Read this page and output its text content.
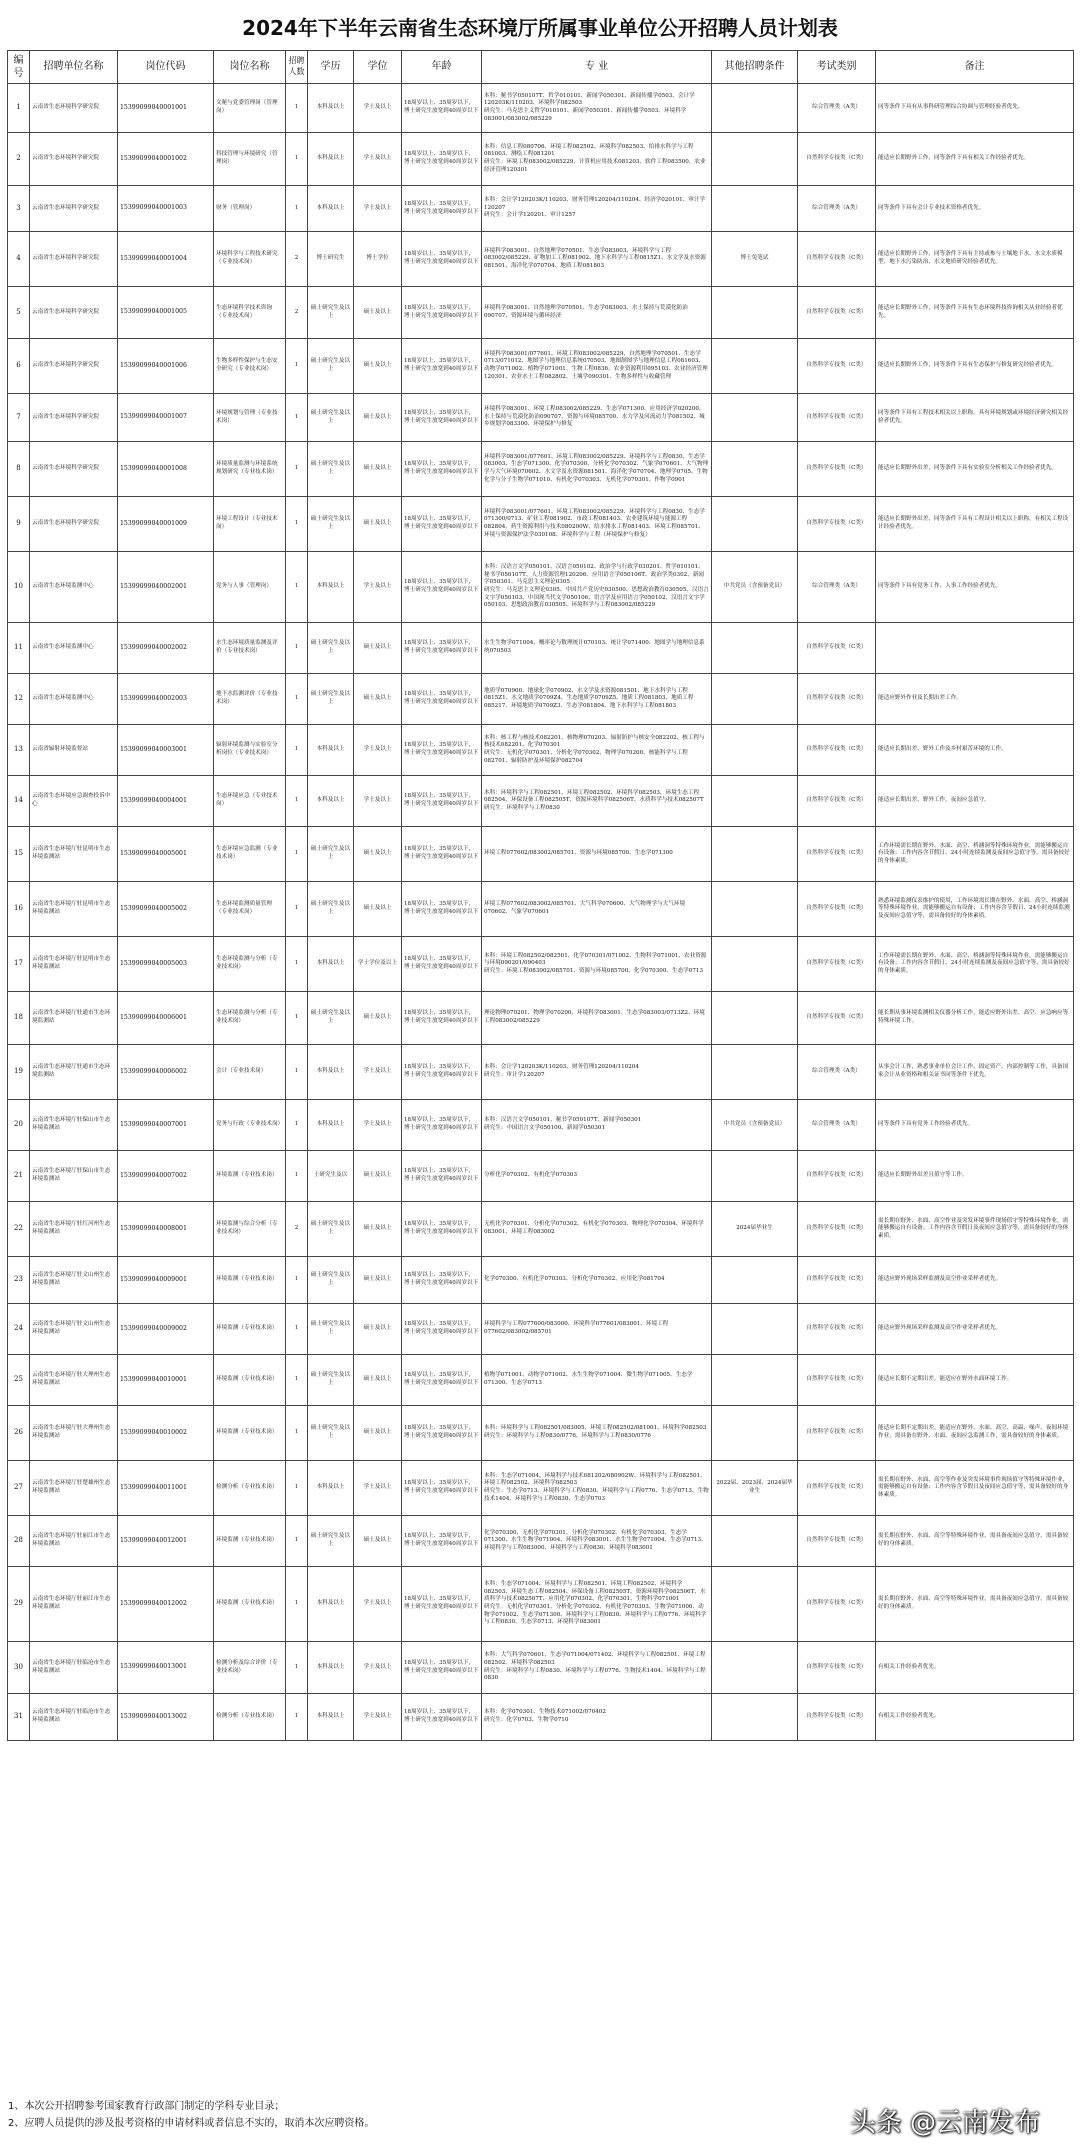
2024年下半年云南省生态环境厅所属事业单位公开招聘人员计划表
编号	招聘单位名称	岗位代码	岗位名称	招聘人数	学历	学位	年龄	专 业	其他招聘条件	考试类别	备注
1	云南省生态环境科学研究院	15399099040001001	文秘与党委管理岗（管理岗）	1	本科及以上	学士及以上	18周岁以上、35周岁以下，博士研究生放宽到40周岁以下	本科：秘书学050107T、哲学010101、新闻学050301、新闻传播学0503、会计学120203K/110203、环境科学082503
研究生：马克思主义哲学010101、新闻学050301、新闻传播学0503、环境科学083001/083002/085229		综合管理类（A类）	同等条件下具有从事科研管理综合协调与管理经验者优先。
2	云南省生态环境科学研究院	15399099040001002	科技管理与环境研究（管理岗）	1	本科及以上	学士及以上	18周岁以上、35周岁以下，博士研究生放宽到40周岁以下	本科：信息工程080706、环境工程082502、环境科学082503、给排水科学与工程081003、测绘工程081201
研究生：环境工程083002/085229、计算机应用技术081203、软件工程083500、农业经济管理120301		自然科学专技类（C类）	能适应长期野外工作，同等条件下具有相关工作经验者优先。
3	云南省生态环境科学研究院	15399099040001003	财务（管理岗）	1	本科及以上	学士及以上	18周岁以上、35周岁以下，博士研究生放宽到40周岁以下	本科：会计学120203K/110203、财务管理120204/110204、经济学020101、审计学120207
研究生：会计学120201、审计1257		综合管理类（A类）	同等条件下具有会计专业技术资格者优先。
4	云南省生态环境科学研究院	15399099040001004	环境科学与工程技术研究（专业技术岗）	2	博士研究生	博士学位	18周岁以上、35周岁以下，博士研究生放宽到40周岁以下	环境科学083001、自然地理学070501、生态学083003、环境科学与工程083002/085229、矿物加工工程081902、地下水科学与工程0815Z1、水文学及水资源081501、海洋化学070704、地质工程081803	博士免笔试	自然科学专技类（C类）	能适应长期野外工作，同等条件下具有主持或参与土壤地下水、水文水质模型、地下水污染防治、水文地质研究经验者优先。
5	云南省生态环境科学研究院	15399099040001005	生态环境科学技术咨询（专业技术岗）	2	硕士研究生及以上	硕士及以上	18周岁以上、35周岁以下，博士研究生放宽到40周岁以下	环境科学083001、自然地理学070501、生态学083003、水土保持与荒漠化防治090707、资源环境与循环经济		自然科学专技类（C类）	能适应长期野外工作，同等条件下具有生态环境科技咨询相关从业经验者优先。
6	云南省生态环境科学研究院	15399099040001006	生物多样性保护与生态安全研究（专业技术岗）	1	硕士研究生及以上	硕士及以上	18周岁以上、35周岁以下，博士研究生放宽到40周岁以下	环境科学083001/077601、环境工程083002/085229、自然地理学070501、生态学0713/071012、地图学与地理信息系统070503、地图制图学与地理信息工程081603、动物学071002、植物学071001、生物工程0836、农业资源利用095103、农业经济管理120301、农业水土工程082802、土壤学090301、生物多样性与收藏管理		自然科学专技类（C类）	能适应长期野外工作，同等条件下具有生态保护与修复研究经验者优先。
7	云南省生态环境科学研究院	15399099040001007	环境规划与管理（专业技术岗）	1	硕士研究生及以上	硕士及以上	18周岁以上、35周岁以下，博士研究生放宽到40周岁以下	环境科学083001、环境工程083002/085229、生态学071300、应用经济学020200、水土保持与荒漠化防治090707、资源与环境085700、水力学及河流动力学081502、城乡规划学083300、环境保护与修复		自然科学专技类（C类）	同等条件下具有工程技术相关以上职称，具有环境规划或环境经济研究相关经验者优先。
8	云南省生态环境科学研究院	15399099040001008	环境质量监测与环境系统规划研究（专业技术岗）	1	硕士研究生及以上	硕士及以上	18周岁以上、35周岁以下，博士研究生放宽到40周岁以下	环境科学083001/077601、环境工程083002/085229、环境科学与工程0830、生态学083003、生态学071300、化学070300、分析化学070302、气象学070601、大气物理学与大气环境070602、水文学及水资源081501、海洋化学070704、地理学0705、生物化学与分子生物学071010、有机化学070303、无机化学070301、作物学0901		自然科学专技类（C类）	能适应长期野外出差，同等条件下具有实验室分析相关工作经验者优先。
9	云南省生态环境科学研究院	15399099040001009	环境工程设计（专业技术岗）	1	硕士研究生及以上	硕士及以上	18周岁以上、35周岁以下，博士研究生放宽到40周岁以下	环境科学083001/077601、环境工程083002/085229、环境科学与工程0830、生态学071300/0713、矿业工程081902、市政工程081403、农业建筑环境与能源工程082804、药生资源利用与技术080200W、给水排水工程081403、环境工程085701、环境与资源保护法学030108、环境科学与工程（环境保护与修复）		自然科学专技类（C类）	能适应长期野外出差，同等条件下具有工程设计相关以上职称，有相关工程设计经验者优先。
10	云南省生态环境监测中心	15399099040002001	党务与人事（管理岗）	1	本科及以上	学士及以上	18周岁以上、35周岁以下，博士研究生放宽到40周岁以下	本科：汉语言文学050101、汉语言050102、政治学与行政学030201、哲学010101、秘书学050107T、人力资源管理120206、应用语言学050106T、政治学类0302、新闻学050301、马克思主义理论0305
研究生：马克思主义理论0305、中国共产党历史030500、思想政治教育030505、汉语言文字学050103、中国现当代文学050106、语言学及应用语言学050102、汉语言文字学050103、思想政治教育030505、环境科学与工程083002/085229	中共党员（含预备党员）	综合管理类（A类）	同等条件下具有党务工作、人事工作经验者优先。
11	云南省生态环境监测中心	15399099040002002	水生态环境质量监测及评价（专业技术岗）	1	硕士研究生及以上	硕士及以上	18周岁以上、35周岁以下，博士研究生放宽到40周岁以下	水生生物学071004、概率论与数理统计070103、统计学071400、地图学与地理信息系统070503		自然科学专技类（C类）	
12	云南省生态环境监测中心	15399099040002003	地下水监测评价（专业技术岗）	1	硕士研究生及以上	硕士及以上	18周岁以上、35周岁以下，博士研究生放宽到40周岁以下	地质学070900、地球化学070902、水文学及水资源081501、地下水科学与工程0815Z1、水文地质学0709Z4、生态地质学0709Z5、地质工程081803、地质工程085217、环境地质学0709Z3、生态学081804、地下水科学与工程081803		自然科学专技类（C类）	能适应野外作业及长期出差工作。
13	云南省辐射环境监督站	15399099040003001	辐射环境监测与实验室分析岗位（专业技术岗）	1	本科及以上	学士及以上	18周岁以上、35周岁以下，博士研究生放宽到40周岁以下	本科：核工程与核技术082201、核物理070203、辐射防护与核安全082202、核工程与核技术082201、化学070301
研究生：无机化学070301、分析化学070302、物理学070200、核能科学与工程082701、辐射防护及环境保护082704		自然科学专技类（C类）	能适应长期出差、野外工作及乡村艰苦环境的工作。
14	云南省生态环境应急调查投诉中心	15399099040004001	生态环境应急（专业技术岗）	1	本科及以上	学士及以上	18周岁以上、35周岁以下，博士研究生放宽到40周岁以下	本科：环境科学与工程082501、环境工程082502、环境科学082503、环境生态工程082504、环保设备工程082505T、资源环境科学082506T、水质科学与技术082507T
研究生：环境科学与工程0830		自然科学专技类（C类）	能适应长期出差、野外工作，夜间应急值守。
15	云南省生态环境厅驻昆明市生态环境监测站	15399099040005001	生态环境应急监测（专业技术岗）	1	硕士研究生及以上	硕士及以上	18周岁以上、35周岁以下，博士研究生放宽到40周岁以下	环境工程077602/083002/085701、资源与环境085700、生态学071300		自然科学专技类（C类）	工作环境需长期在野外、水面、高空、桥涵洞等特殊环境作业，需能够搬运自有设备；工作内容含节假日、24小时连续监测及夜间应急值守等，需具备较好的身体素质。
16	云南省生态环境厅驻昆明市生态环境监测站	15399099040005002	生态环境监测质量管理（专业技术岗）	1	硕士研究生及以上	硕士及以上	18周岁以上、35周岁以下，博士研究生放宽到40周岁以下	环境工程077602/083002/085701、大气科学070600、大气物理学与大气环境070602、气象学070601		自然科学专技类（C类）	熟悉环境监测仪表维护的使用，工作环境需长期在野外、水面、高空、桥涵洞等特殊环境作业，需能够搬运自有设备；工作内容含节假日、24小时连续监测及夜间应急值守等，需具备较好的身体素质。
17	云南省生态环境厅驻昆明市生态环境监测站	15399099040005003	生态环境监测与分析（专业技术岗）	1	本科及以上	学士学位及以上	18周岁以上、35周岁以下，博士研究生放宽到40周岁以下	本科：环境工程082502/082501、化学070301/071002、生物科学071001、农业资源与环境090201/090403
研究生：环境工程083002/085701、资源与环境085700、化学070300、生态学0713		自然科学专技类（C类）	工作环境需长期在野外、水面、高空、桥涵洞等特殊环境作业，需能够搬运自有设备；工作内容含节假日、24小时连续监测及夜间应急值守等，需具备较好的身体素质。
18	云南省生态环境厅驻通市生态环境监测站	15399099040006001	生态环境监测与分析（专业技术岗）	1	硕士研究生及以上	硕士及以上	18周岁以上、35周岁以下，博士研究生放宽到40周岁以下	理论物理070201、物理学070200、环境科学083001、生态学083003/0713Z2、环境工程083002/085229		自然科学专技类（C类）	能长期从事环境监测相关仪器分析工作，能适应野外出差、高空、应急响应等特殊环境工作。
19	云南省生态环境厅驻通市生态环境监测站	15399099040006002	会计（专业技术岗）	1	本科及以上	学士及以上	18周岁以上、35周岁以下，博士研究生放宽到40周岁以下	本科：会计学120203K/110203、财务管理120204/110204
研究生：审计学120207		综合管理类（A类）	从事会计工作，熟悉事业单位会计工作、固定资产、内部控制等工作，具备国家会计从业资格和相关证书同等条件下优先。
20	云南省生态环境厅驻保山市生态环境监测站	15399099040007001	党务与行政（专业技术岗）	1	本科及以上	学士及以上	18周岁以上、35周岁以下，博士研究生放宽到40周岁以下	本科：汉语言文学050101、秘书学050107T、新闻学050301
研究生：中国语言文学050100、新闻学050301	中共党员（含预备党员）	综合管理类（A类）	同等条件下具有党务工作经验者优先。
21	云南省生态环境厅驻保山市生态环境监测站	15399099040007002	环境监测（专业技术岗）	1	士研究生及以	硕士及以上	18周岁以上、35周岁以下，博士研究生放宽到40周岁以下	分析化学070302、有机化学070303		自然科学专技类（C类）	能适应长期野外出差且值守等工作。
22	云南省生态环境厅驻红河州生态环境监测站	15399099040008001	环境监测与综合分析（专业技术岗）	2	硕士研究生及以上	硕士及以上	18周岁以上、35周岁以下，博士研究生放宽到40周岁以下	无机化学070301、分析化学070302、有机化学070303、物理化学070304、环境科学083001、环境工程083002	2024届毕业生	自然科学专技类（C类）	需长期在野外、水面、高空作业及突发环境事件现场值守等特殊环境作业，需能够搬运自有设备；工作内容含节假日及夜间应急值守等，需具备较好的身体素质。
23	云南省生态环境厅驻文山州生态环境监测站	15399099040009001	环境监测（专业技术岗）	1	硕士研究生及以上	硕士及以上	18周岁以上、35周岁以下，博士研究生放宽到40周岁以下	化学070300、有机化学070303、分析化学070302、应用化学081704		自然科学专技类（C类）	能适应野外现场采样监测及高空作业采样者优先。
24	云南省生态环境厅驻文山州生态环境监测站	15399099040009002	环境监测（专业技术岗）	1	硕士研究生及以上	硕士及以上	18周岁以上、35周岁以下，博士研究生放宽到40周岁以下	环境科学与工程077600/083000、环境科学077601/083001、环境工程077602/083002/085701		自然科学专技类（C类）	能适应野外现场采样监测及高空作业采样者优先。
25	云南省生态环境厅驻大理州生态环境监测站	15399099040010001	环境监测（专业技术岗）	1	硕士研究生及以上	硕士及以上	18周岁以上、35周岁以下，博士研究生放宽到40周岁以下	植物学071001、动物学071002、水生生物学071004、微生物学071005、生态学071300、生态学0713		自然科学专技类（C类）	能适应长期不定期出差，能适应在野外水面环境工作。
26	云南省生态环境厅驻大理州生态环境监测站	15399099040010002	环境监测（专业技术岗）	1	硕士研究生及以上	硕士及以上	18周岁以上、35周岁以下，博士研究生放宽到40周岁以下	本科：环境科学与工程082501/083005、环境工程082502/081001、环境科学082503
研究生：环境科学与工程0830/0776、环境科学与工程0830/0776		自然科学专技类（C类）	能适应长期不定期出差，能适应在野外、水面、高空、高温、噪声、夜间环境作业，需具备在野外、水面、夜间应急监测工作，需具备较好的身体素质。
27	云南省生态环境厅驻楚雄州生态环境监测站	15399099040011001	检测分析（专业技术岗）	1	本科及以上	学士及以上	18周岁以上、35周岁以下，博士研究生放宽到40周岁以下	本科：生态学071004、环境科学与技术081202/080902W、环境科学与工程082501、环境工程082502、环境科学082503
研究生：生态学0713、环境科学与工程0830、环境科学与工程0776、生态学0713、生物技术1404、环境科学与工程0830、生态学0703	2022届、2023届、2024届毕业生	自然科学专技类（C类）	需长期在野外、水面、高空等作业及突发环境事件现场值守等特殊环境作业，需能够搬运自有设备；工作内容含节假日及夜间应急值守等，需具备较好的身体素质。
28	云南省生态环境厅驻丽江市生态环境监测站	15399099040012001	环境监测（专业技术岗）	1	硕士研究生及以上	硕士及以上	18周岁以上、35周岁以下，博士研究生放宽到40周岁以下	化学070300、无机化学070301、分析化学070302、有机化学070303、生态学071300、水生生物学071004、环境科学083001、水生生物学071004、生态学0713、环境科学与工程083000、环境科学与工程0830、环境科学083001		自然科学专技类（C类）	需长期在野外、水面、高空等特殊环境作业，需具备夜间应急值守，需具备较好的身体素质。
29	云南省生态环境厅驻丽江市生态环境监测站	15399099040012002	环境监测（专业技术岗）	1	本科及以上	学士及以上	18周岁以上、35周岁以下，博士研究生放宽到40周岁以下	本科：生态学071004、环境科学与工程082501、环境工程082502、环境科学082503、环境生态工程082504、环保设备工程082505T、资源环境科学082506T、水质科学与技术082507T、应用化学070302、化学070301、生物科学071001
研究生：无机化学070301、分析化学070302、有机化学070303、生物学071000、动物学071002、生态学071300、环境科学与工程0830、环境科学与工程0776、环境科学与工程0830、生态学0713、环境科学083001		自然科学专技类（C类）	需长期在野外、水面、高空等特殊环境作业，需具备夜间应急值守，需具备较好的身体素质。
30	云南省生态环境厅驻临沧市生态环境监测站	15399099040013001	检测分析及综合评价（专业技术岗）	1	本科及以上	学士及以上	18周岁以上、35周岁以下，博士研究生放宽到40周岁以下	本科：大气科学070601、生态学071004/071402、环境科学与工程082501、环境工程082502、环境科学082503
研究生：环境科学与工程0830、环境科学与工程0776、生物技术1404、环境科学与工程0830		自然科学专技类（C类）	有相关工作经验者优先。
31	云南省生态环境厅驻临沧市生态环境监测站	15399099040013002	检测分析（专业技术岗）	1	本科及以上	学士及以上	18周岁以上、35周岁以下，博士研究生放宽到40周岁以下	本科：化学070301、生物技术071002/070402
研究生：化学0703、生物学0710		自然科学专技类（C类）	有相关工作经验者优先。
1、本次公开招聘参考国家教育行政部门制定的学科专业目录；
2、应聘人员提供的涉及报考资格的申请材料或者信息不实的，取消本次应聘资格。	头条 @云南发布
